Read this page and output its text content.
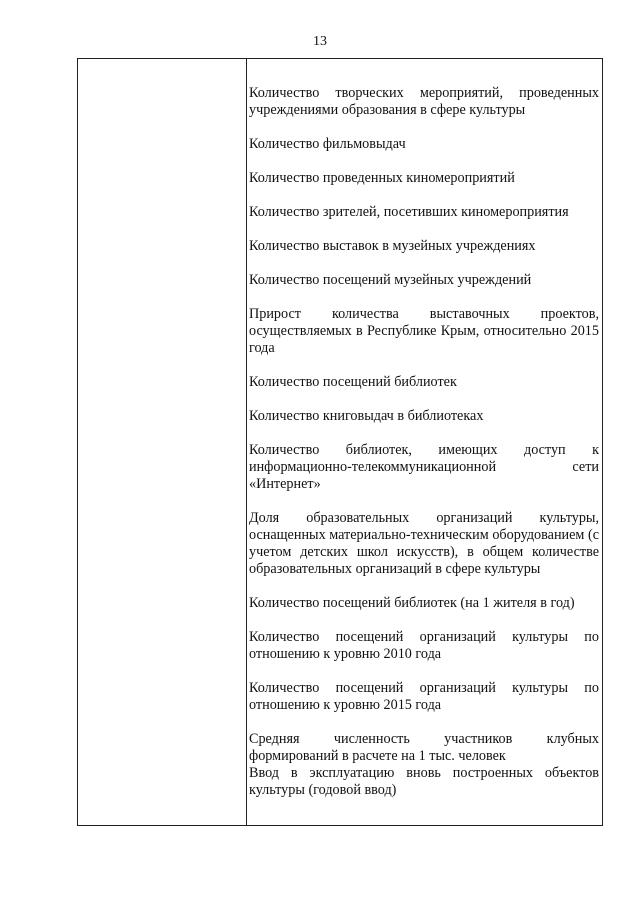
13

Количество творческих мероприятий, проведенных учреждениями образования в сфере культуры

Количество фильмовыдач

Количество проведенных киномероприятий

Количество зрителей, посетивших киномероприятия

Количество выставок в музейных учреждениях

Количество посещений музейных учреждений

Прирост количества выставочных проектов, осуществляемых в Республике Крым, относительно 2015 года

Количество посещений библиотек

Количество книговыдач в библиотеках

Количество библиотек, имеющих доступ к информационно-телекоммуникационной сети «Интернет»

Доля образовательных организаций культуры, оснащенных материально-техническим оборудованием (с учетом детских школ искусств), в общем количестве образовательных организаций в сфере культуры

Количество посещений библиотек (на 1 жителя в год)

Количество посещений организаций культуры по отношению к уровню 2010 года

Количество посещений организаций культуры по отношению к уровню 2015 года

Средняя численность участников клубных формирований в расчете на 1 тыс. человек

Ввод в эксплуатацию вновь построенных объектов культуры (годовой ввод)
